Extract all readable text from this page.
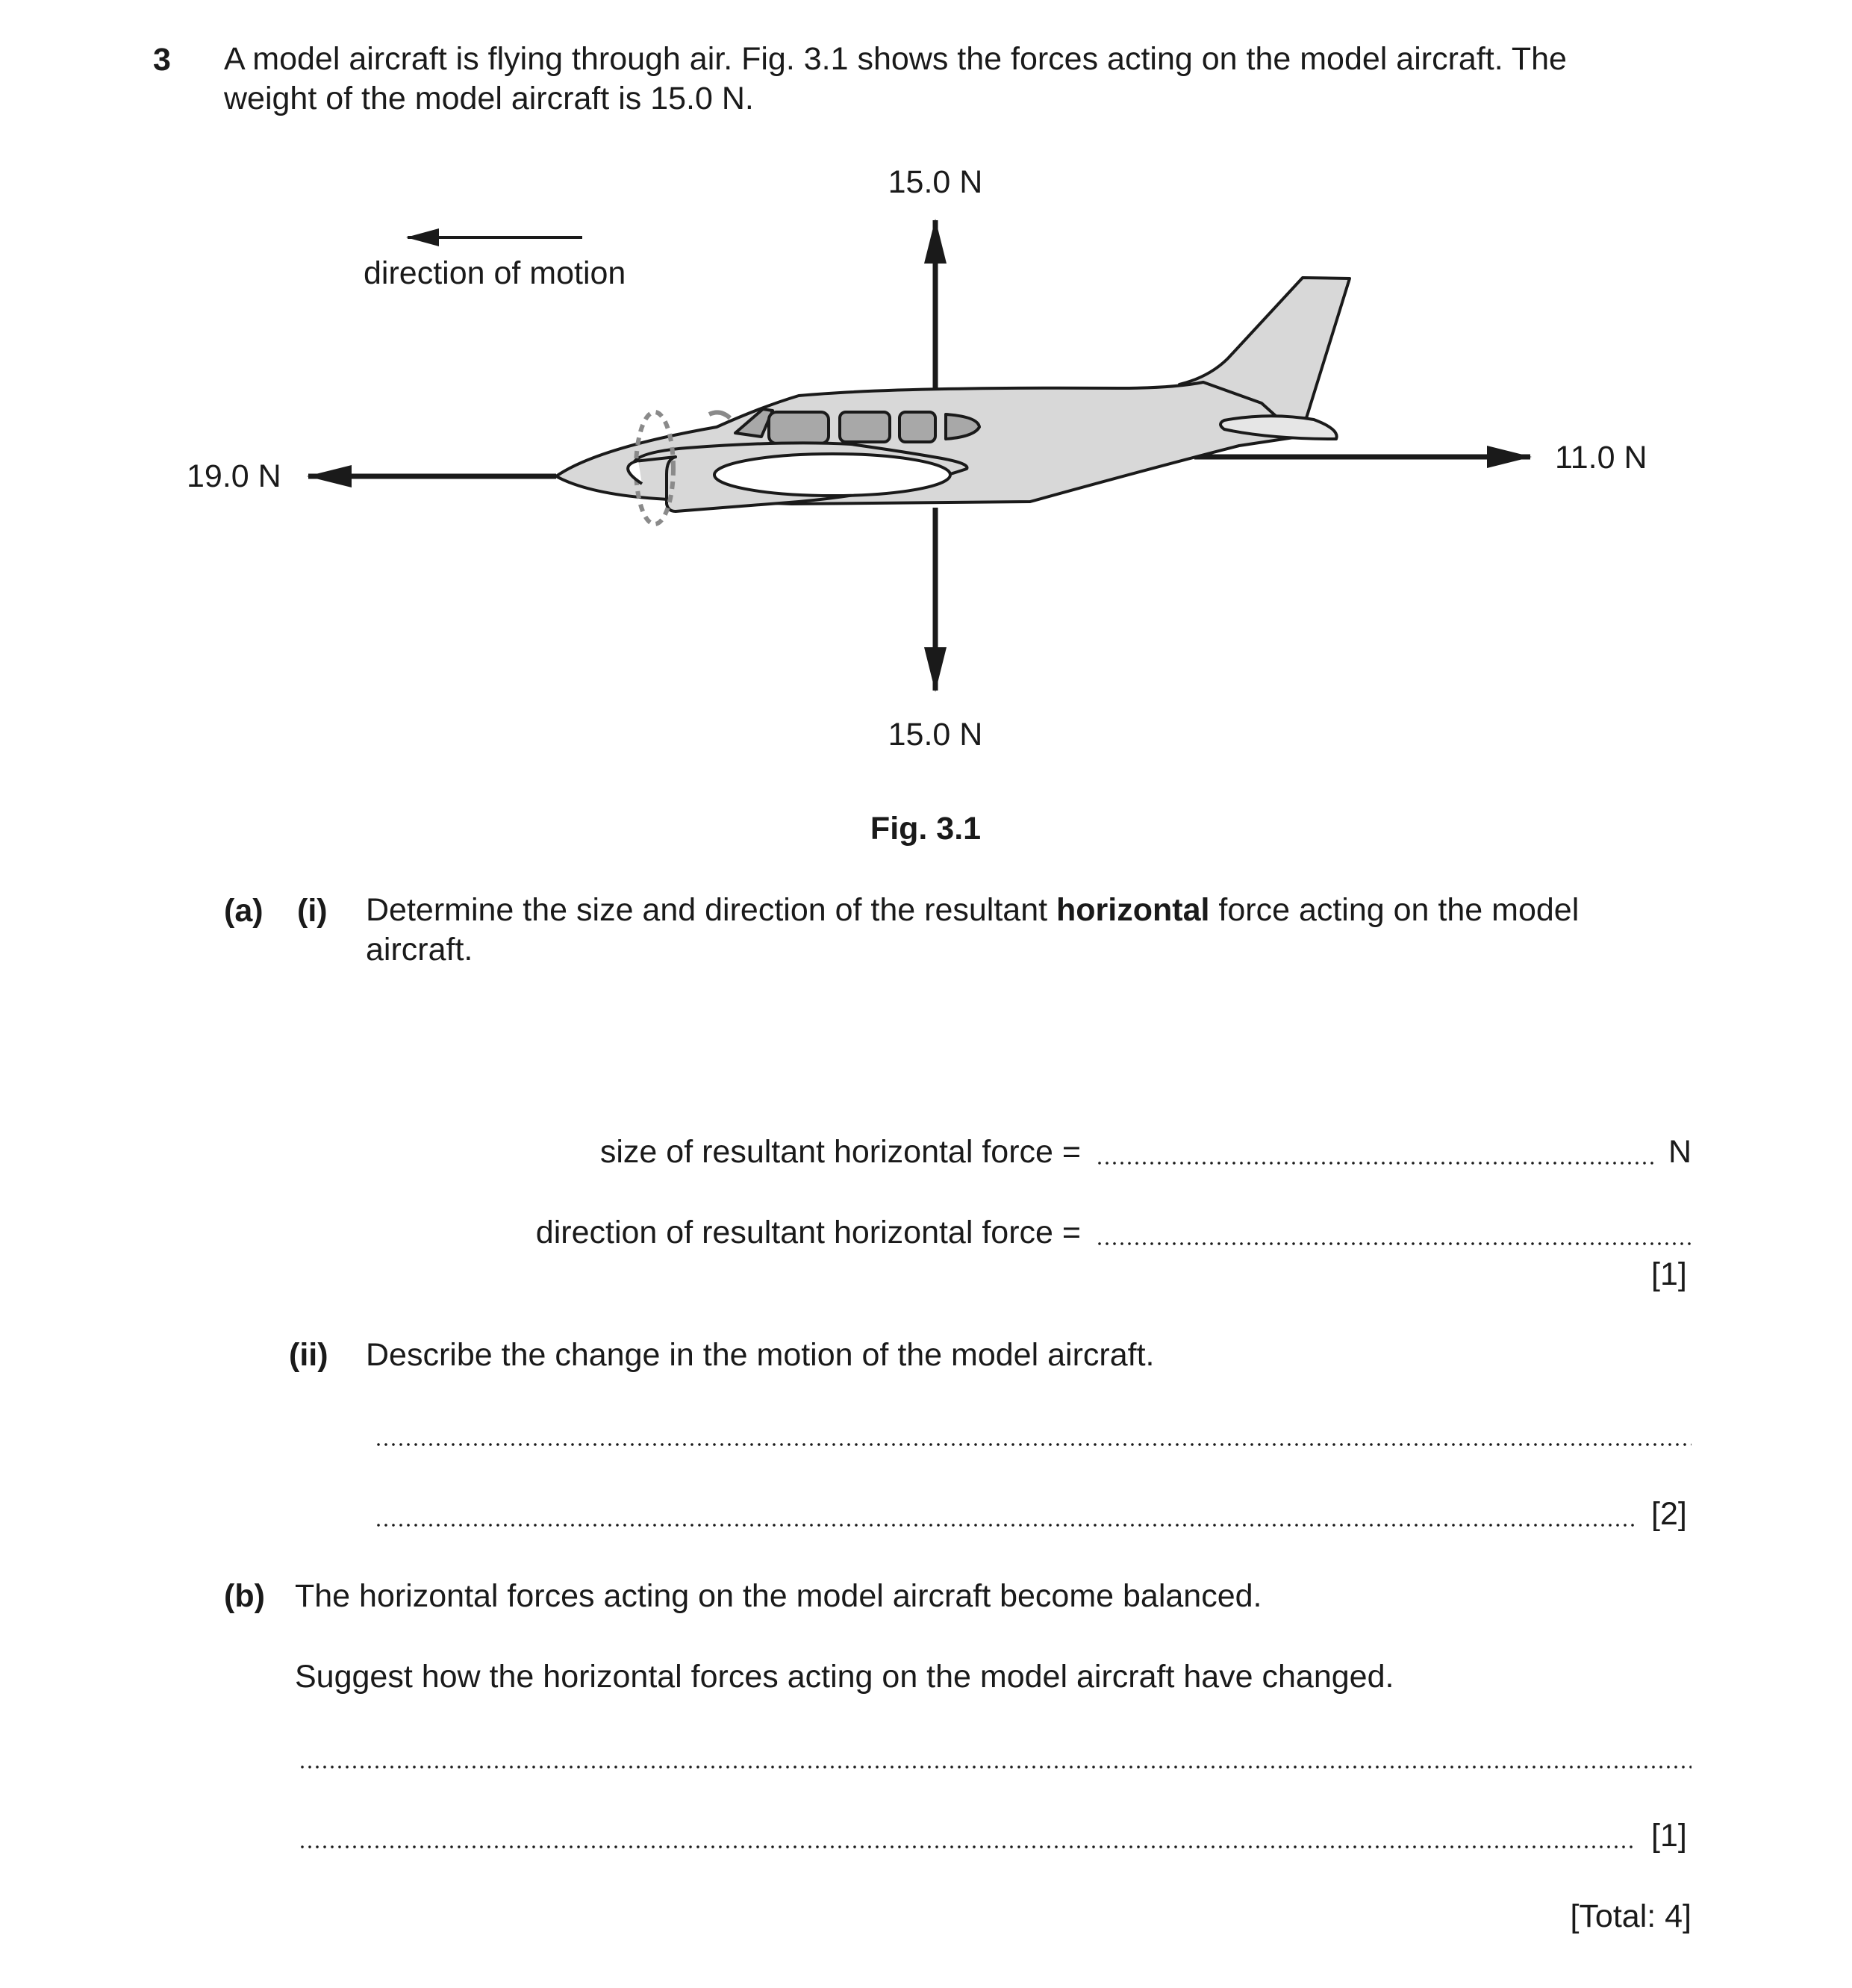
3 A model aircraft is flying through air. Fig. 3.1 shows the forces acting on the model aircraft. The
weight of the model aircraft is 15.0 N.
15.0 N
15.0 N
19.0 N
11.0 N
direction of motion
Fig. 3.1
(a) (i) Determine the size and direction of the resultant horizontal force acting on the model
aircraft.
size of resultant horizontal force =	N
direction of resultant horizontal force =
[1]
(ii) Describe the change in the motion of the model aircraft.
[2]
(b) The horizontal forces acting on the model aircraft become balanced.
Suggest how the horizontal forces acting on the model aircraft have changed.
[1]
[Total: 4]
